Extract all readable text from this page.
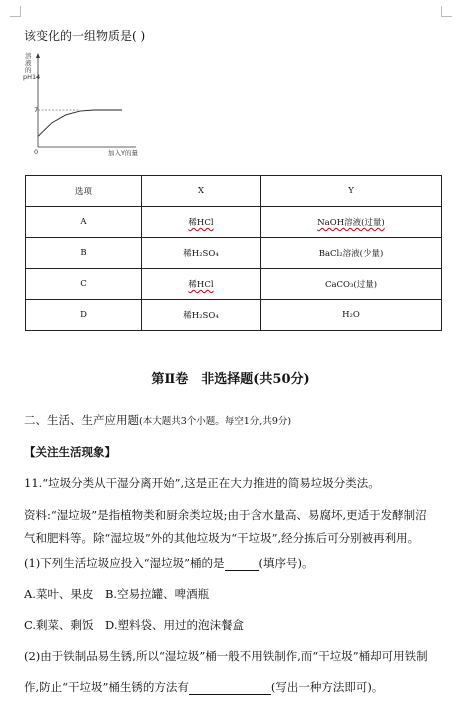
该变化的一组物质是( )
溶
液
的
pH 14
7
0	加入Y的量
选项	X	Y
A	稀HCl	NaOH溶液(过量)
B	稀H₂SO₄	BaCl₂溶液(少量)
C	稀HCl	CaCO₃(过量)
D	稀H₂SO₄	H₂O
第Ⅱ卷　非选择题(共50分)
二、生活、生产应用题(本大题共3个小题。每空1分,共9分)
【关注生活现象】
11.“垃圾分类从干湿分离开始”,这是正在大力推进的简易垃圾分类法。
资料:“湿垃圾”是指植物类和厨余类垃圾;由于含水量高、易腐坏,更适于发酵制沼
气和肥料等。除“湿垃圾”外的其他垃圾为“干垃圾”,经分拣后可分别被再利用。
(1)下列生活垃圾应投入“湿垃圾”桶的是	(填序号)。
A.菜叶、果皮　B.空易拉罐、啤酒瓶
C.剩菜、剩饭　D.塑料袋、用过的泡沫餐盒
(2)由于铁制品易生锈,所以“湿垃圾”桶一般不用铁制作,而“干垃圾”桶却可用铁制
作,防止“干垃圾”桶生锈的方法有	(写出一种方法即可)。
